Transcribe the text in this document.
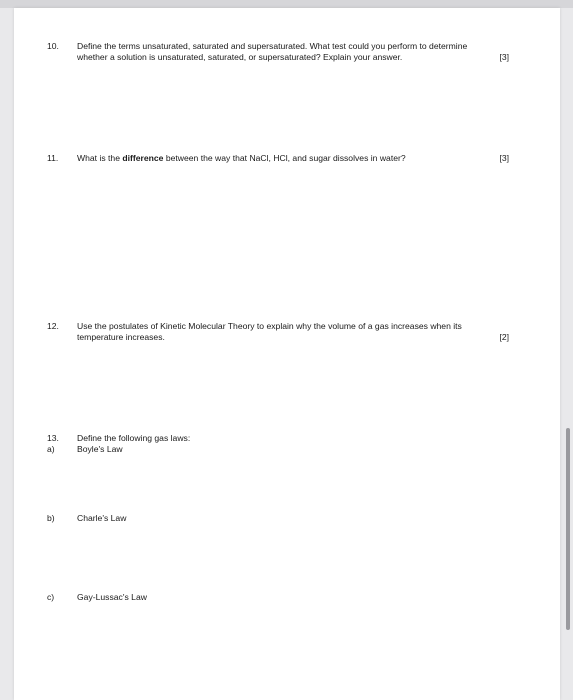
10. Define the terms unsaturated, saturated and supersaturated. What test could you perform to determine
whether a solution is unsaturated, saturated, or supersaturated? Explain your answer.	[3]
11. What is the difference between the way that NaCl, HCl, and sugar dissolves in water?	[3]
12. Use the postulates of Kinetic Molecular Theory to explain why the volume of a gas increases when its
temperature increases.	[2]
13. Define the following gas laws:
a)	Boyle's Law
b)	Charle's Law
c)	Gay-Lussac's Law
